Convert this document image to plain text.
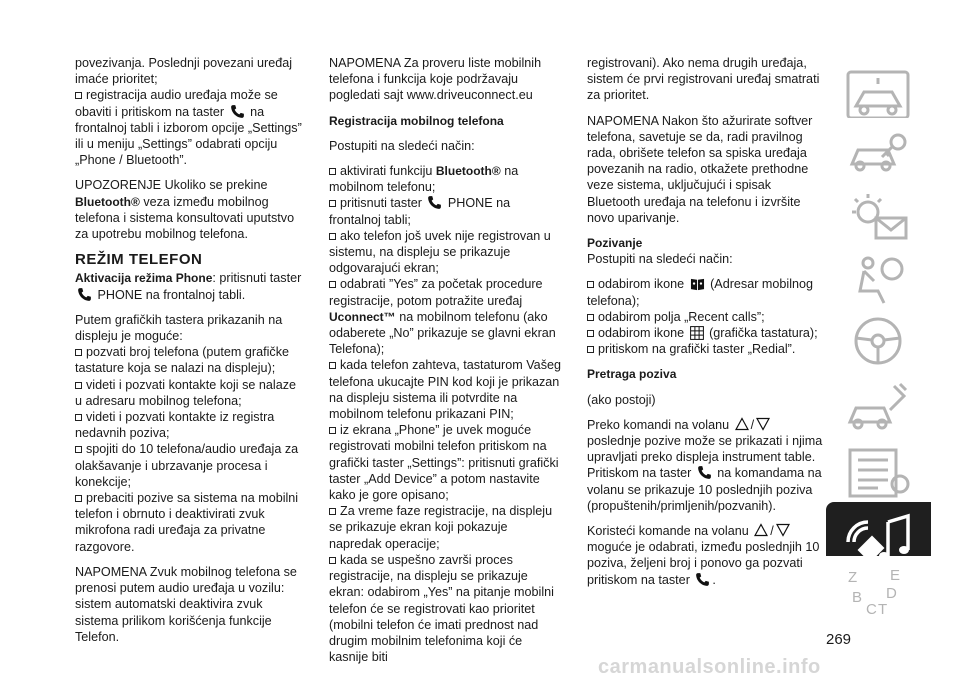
povezivanja. Poslednji povezani uređaj imaće prioritet;

registracija audio uređaja može se obaviti i pritiskom na taster na frontalnoj tabli i izborom opcije „Settings” ili u meniju „Settings” odabrati opciju „Phone / Bluetooth”.

UPOZORENJE Ukoliko se prekine Bluetooth® veza između mobilnog telefona i sistema konsultovati uputstvo za upotrebu mobilnog telefona.

REŽIM TELEFON

Aktivacija režima Phone: pritisnuti taster
PHONE na frontalnoj tabli.

Putem grafičkih tastera prikazanih na displeju je moguće:

pozvati broj telefona (putem grafičke tastature koja se nalazi na displeju);

videti i pozvati kontakte koji se nalaze u adresaru mobilnog telefona;

videti i pozvati kontakte iz registra nedavnih poziva;

spojiti do 10 telefona/audio uređaja za olakšavanje i ubrzavanje procesa i konekcije;

prebaciti pozive sa sistema na mobilni telefon i obrnuto i deaktivirati zvuk mikrofona radi uređaja za privatne razgovore.

NAPOMENA Zvuk mobilnog telefona se prenosi putem audio uređaja u vozilu: sistem automatski deaktivira zvuk sistema prilikom korišćenja funkcije Telefon.

NAPOMENA Za proveru liste mobilnih telefona i funkcija koje podržavaju pogledati sajt www.driveuconnect.eu

Registracija mobilnog telefona

Postupiti na sledeći način:

aktivirati funkciju Bluetooth® na mobilnom telefonu;

pritisnuti taster PHONE na frontalnoj tabli;

ako telefon još uvek nije registrovan u sistemu, na displeju se prikazuje odgovarajući ekran;

odabrati ”Yes” za početak procedure registracije, potom potražite uređaj Uconnect™ na mobilnom telefonu (ako odaberete „No” prikazuje se glavni ekran Telefona);

kada telefon zahteva, tastaturom Vašeg telefona ukucajte PIN kod koji je prikazan na displeju sistema ili potvrdite na mobilnom telefonu prikazani PIN;

iz ekrana „Phone” je uvek moguće registrovati mobilni telefon pritiskom na grafički taster „Settings”: pritisnuti grafički taster „Add Device” a potom nastavite kako je gore opisano;

Za vreme faze registracije, na displeju se prikazuje ekran koji pokazuje napredak operacije;

kada se uspešno završi proces registracije, na displeju se prikazuje ekran: odabirom „Yes” na pitanje mobilni telefon će se registrovati kao prioritet (mobilni telefon će imati prednost nad drugim mobilnim telefonima koji će kasnije biti

registrovani). Ako nema drugih uređaja, sistem će prvi registrovani uređaj smatrati za prioritet.

NAPOMENA Nakon što ažurirate softver telefona, savetuje se da, radi pravilnog rada, obrišete telefon sa spiska uređaja povezanih na radio, otkažete prethodne veze sistema, uključujući i spisak Bluetooth uređaja na telefonu i izvršite novo uparivanje.

Pozivanje

Postupiti na sledeći način:

odabirom ikone (Adresar mobilnog telefona);

odabirom polja „Recent calls”;

odabirom ikone (grafička tastatura);

pritiskom na grafički taster „Redial”.

Pretraga poziva

(ako postoji)

Preko komandi na volanu / poslednje pozive može se prikazati i njima upravljati preko displeja instrument table.

Pritiskom na taster na komandama na volanu se prikazuje 10 poslednjih poziva (propuštenih/primljenih/pozvanih).

Koristeći komande na volanu / moguće je odabrati, između poslednjih 10 poziva, željeni broj i ponovo ga pozvati pritiskom na taster .	Z E
B D
C T
269
carmanualsonline.info
